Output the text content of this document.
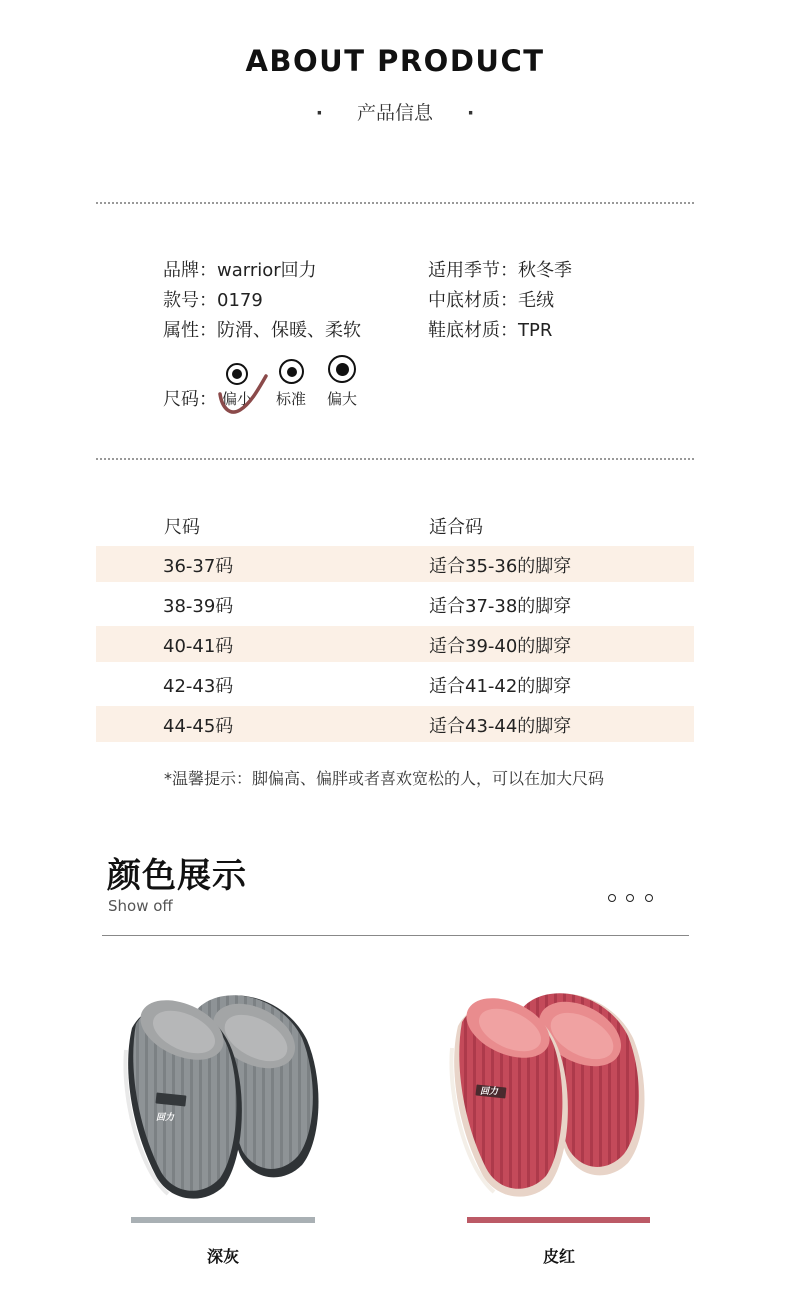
ABOUT PRODUCT
· 产品信息 ·
品牌：warrior回力
款号：0179
属性：防滑、保暖、柔软
适用季节：秋冬季
中底材质：毛绒
鞋底材质：TPR
尺码： 偏小	标准	偏大
尺码	适合码
36-37码	适合35-36的脚穿
38-39码	适合37-38的脚穿
40-41码	适合39-40的脚穿
42-43码	适合41-42的脚穿
44-45码	适合43-44的脚穿
*温馨提示：脚偏高、偏胖或者喜欢宽松的人，可以在加大尺码
颜色展示
Show off
回力
回力
深灰	皮红
